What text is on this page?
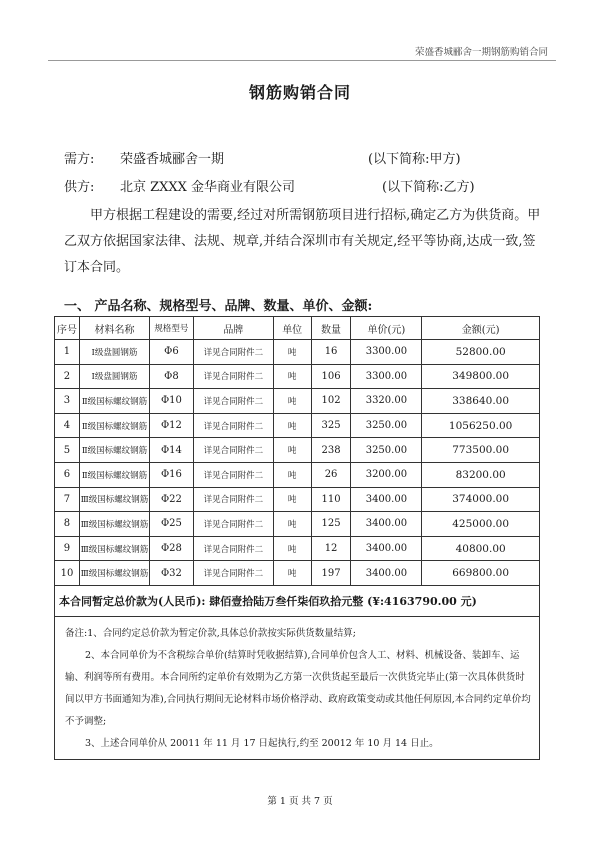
荣盛香城郦舍一期钢筋购销合同
钢筋购销合同
需方: 荣盛香城郦舍一期	(以下简称:甲方)
供方: 北京 ZXXX 金华商业有限公司	(以下简称:乙方)

甲方根据工程建设的需要,经过对所需钢筋项目进行招标,确定乙方为供货商。甲乙双方依据国家法律、法规、规章,并结合深圳市有关规定,经平等协商,达成一致,签订本合同。

一、 产品名称、规格型号、品牌、数量、单价、金额:
序号	材料名称	规格型号	品牌	单位	数量	单价(元)	金额(元)
1	Ⅰ级盘圆钢筋	Φ6	详见合同附件二	吨	16	3300.00	52800.00
2	Ⅰ级盘圆钢筋	Φ8	详见合同附件二	吨	106	3300.00	349800.00
3	Ⅱ级国标螺纹钢筋	Φ10	详见合同附件二	吨	102	3320.00	338640.00
4	Ⅱ级国标螺纹钢筋	Φ12	详见合同附件二	吨	325	3250.00	1056250.00
5	Ⅱ级国标螺纹钢筋	Φ14	详见合同附件二	吨	238	3250.00	773500.00
6	Ⅱ级国标螺纹钢筋	Φ16	详见合同附件二	吨	26	3200.00	83200.00
7	Ⅲ级国标螺纹钢筋	Φ22	详见合同附件二	吨	110	3400.00	374000.00
8	Ⅲ级国标螺纹钢筋	Φ25	详见合同附件二	吨	125	3400.00	425000.00
9	Ⅲ级国标螺纹钢筋	Φ28	详见合同附件二	吨	12	3400.00	40800.00
10	Ⅲ级国标螺纹钢筋	Φ32	详见合同附件二	吨	197	3400.00	669800.00
本合同暂定总价款为(人民币): 肆佰壹拾陆万叁仟柒佰玖拾元整 (¥:4163790.00 元)							

备注:1、合同约定总价款为暂定价款,具体总价款按实际供货数量结算;
2、本合同单价为不含税综合单价(结算时凭收据结算),合同单价包含人工、材料、机械设备、装卸车、运输、利润等所有费用。本合同所约定单价有效期为乙方第一次供货起至最后一次供货完毕止(第一次具体供货时间以甲方书面通知为准),合同执行期间无论材料市场价格浮动、政府政策变动或其他任何原因,本合同约定单价均不予调整;
3、上述合同单价从 20011 年 11 月 17 日起执行,约至 20012 年 10 月 14 日止。							
第 1 页 共 7 页
